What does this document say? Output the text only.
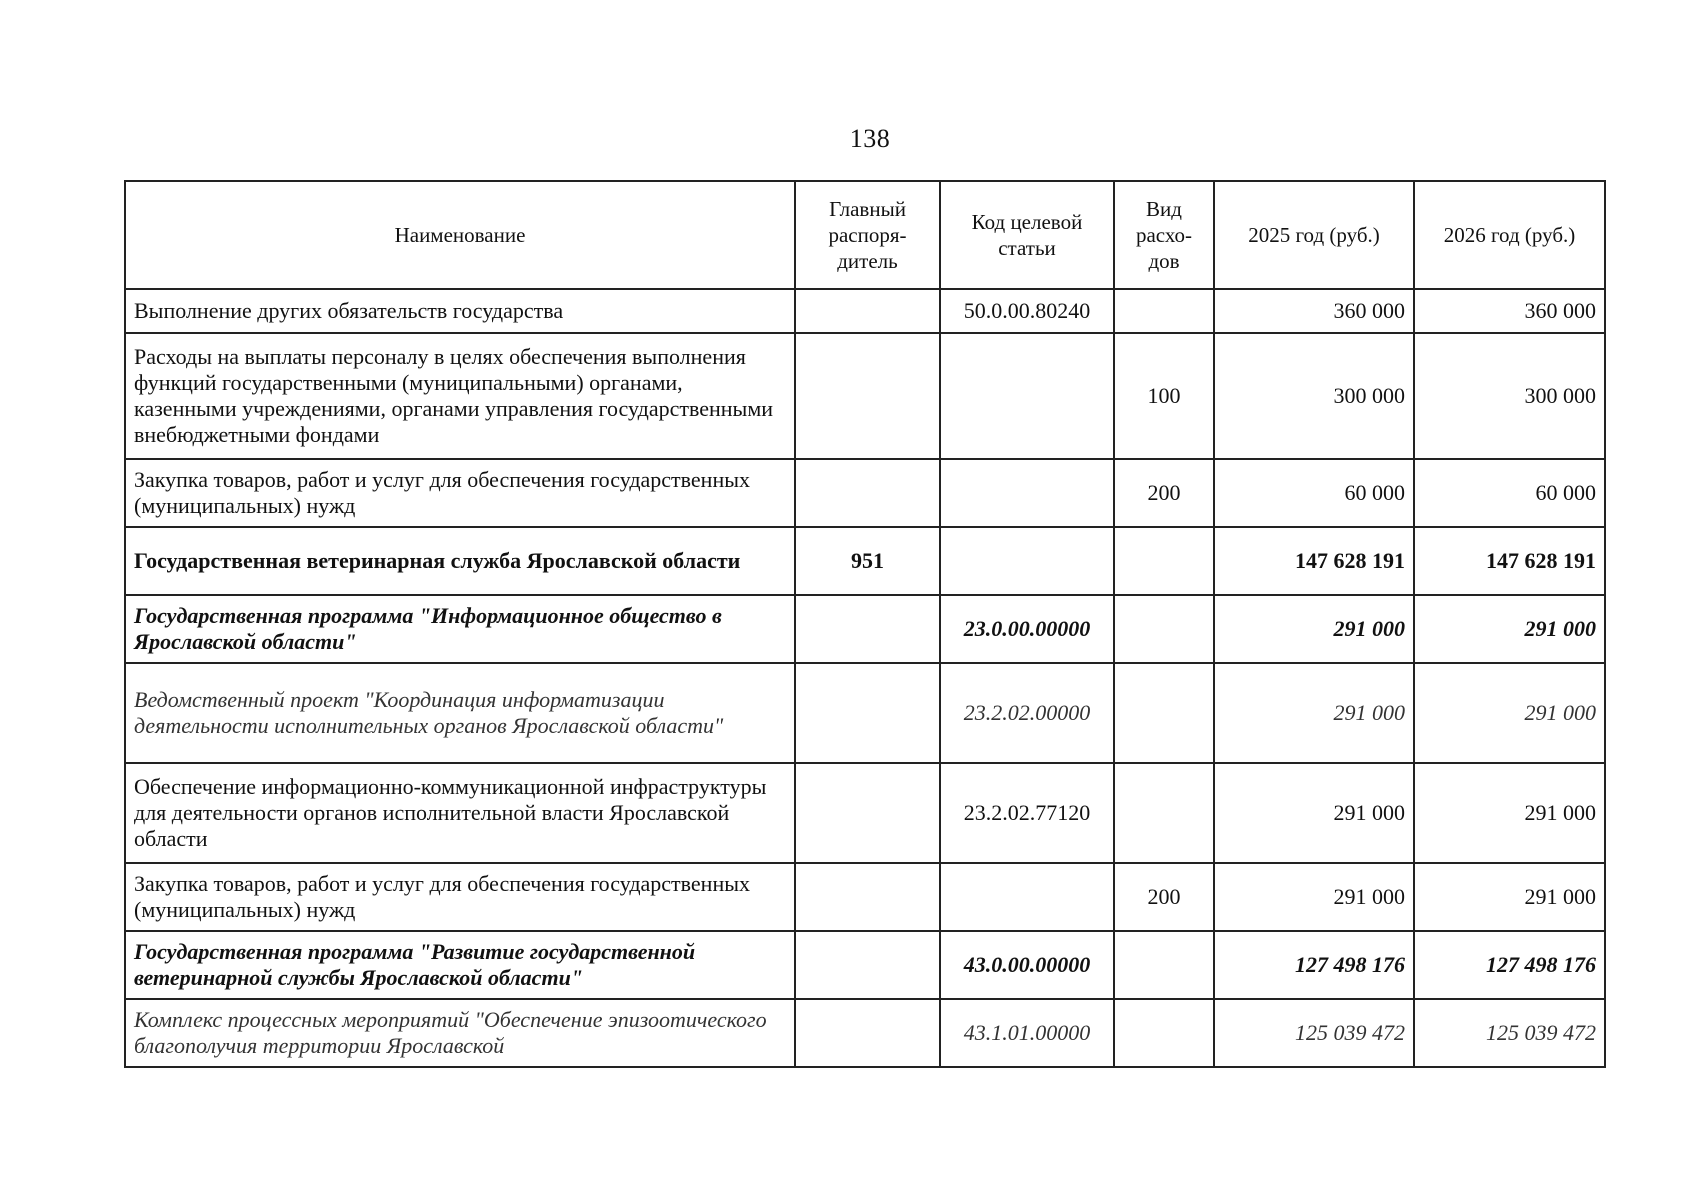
138
Наименование	Главный распоря-дитель	Код целевой статьи	Вид расхо-дов	2025 год (руб.)	2026 год (руб.)
Выполнение других обязательств государства		50.0.00.80240		360 000	360 000
Расходы на выплаты персоналу в целях обеспечения выполнения функций государственными (муниципальными) органами, казенными учреждениями, органами управления государственными внебюджетными фондами			100	300 000	300 000
Закупка товаров, работ и услуг для обеспечения государственных (муниципальных) нужд			200	60 000	60 000
Государственная ветеринарная служба Ярославской области	951			147 628 191	147 628 191
Государственная программа "Информационное общество в Ярославской области"		23.0.00.00000		291 000	291 000
Ведомственный проект "Координация информатизации деятельности исполнительных органов Ярославской области"		23.2.02.00000		291 000	291 000
Обеспечение информационно-коммуникационной инфраструктуры для деятельности органов исполнительной власти Ярославской области		23.2.02.77120		291 000	291 000
Закупка товаров, работ и услуг для обеспечения государственных (муниципальных) нужд			200	291 000	291 000
Государственная программа "Развитие государственной ветеринарной службы Ярославской области"		43.0.00.00000		127 498 176	127 498 176
Комплекс процессных мероприятий "Обеспечение эпизоотического благополучия территории Ярославской		43.1.01.00000		125 039 472	125 039 472
